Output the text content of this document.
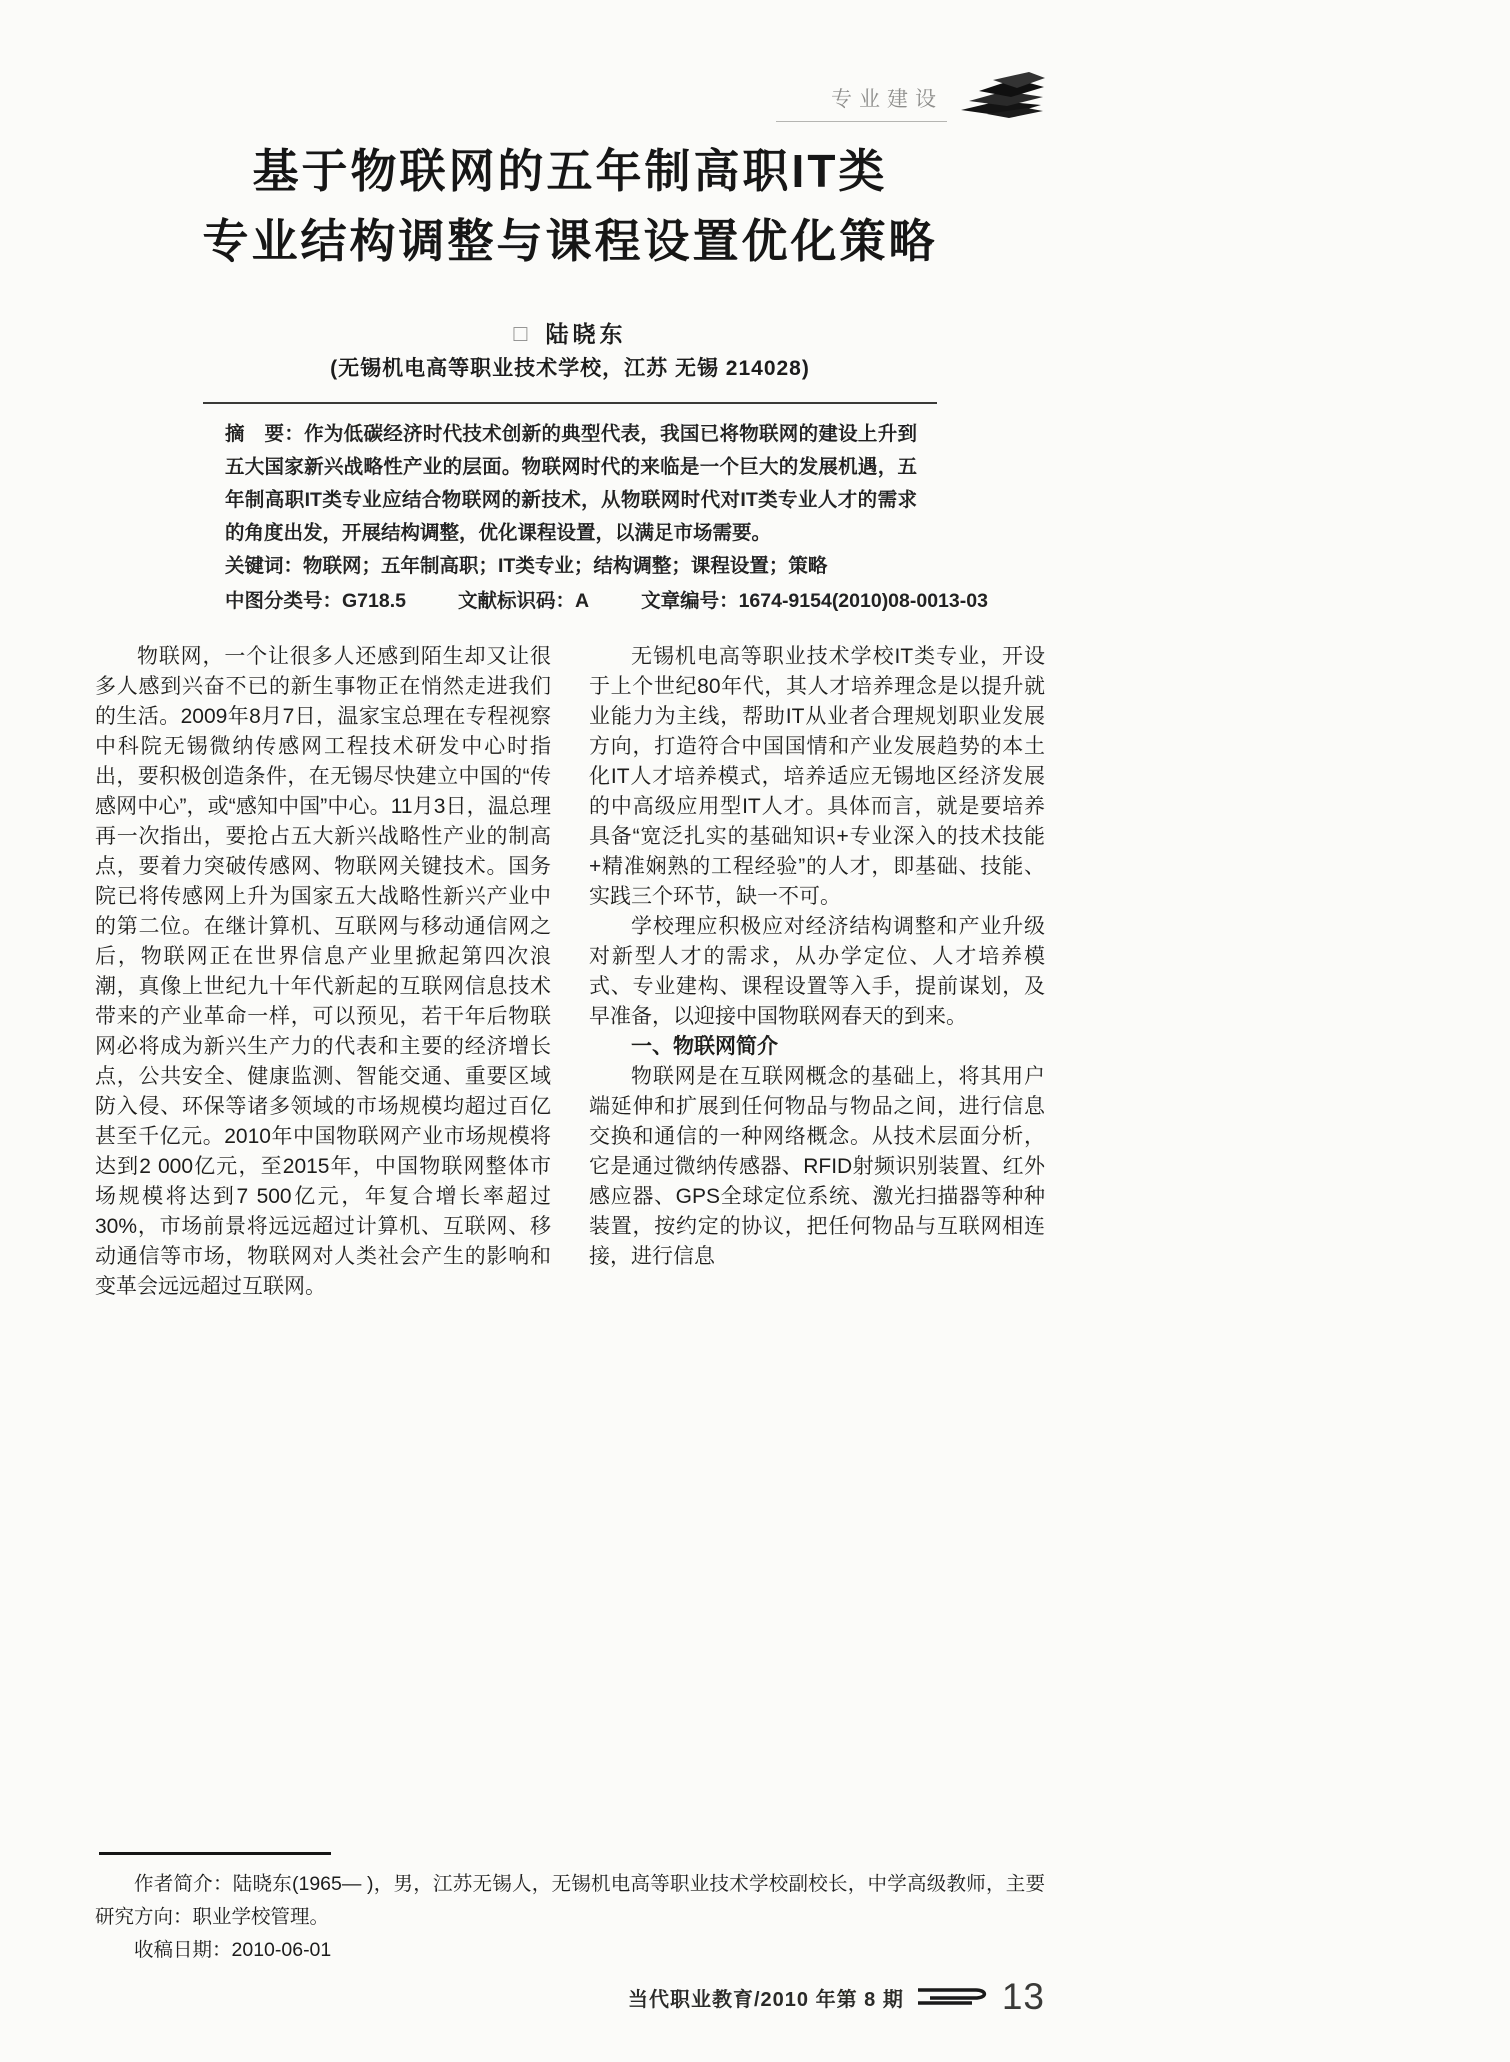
专业建设
基于物联网的五年制高职IT类
专业结构调整与课程设置优化策略
□ 陆晓东
(无锡机电高等职业技术学校，江苏 无锡 214028)

摘　要：作为低碳经济时代技术创新的典型代表，我国已将物联网的建设上升到五大国家新兴战略性产业的层面。物联网时代的来临是一个巨大的发展机遇，五年制高职IT类专业应结合物联网的新技术，从物联网时代对IT类专业人才的需求的角度出发，开展结构调整，优化课程设置，以满足市场需要。

关键词：物联网；五年制高职；IT类专业；结构调整；课程设置；策略

中图分类号：G718.5	文献标识码：A	文章编号：1674-9154(2010)08-0013-03

物联网，一个让很多人还感到陌生却又让很多人感到兴奋不已的新生事物正在悄然走进我们的生活。2009年8月7日，温家宝总理在专程视察中科院无锡微纳传感网工程技术研发中心时指出，要积极创造条件，在无锡尽快建立中国的“传感网中心”，或“感知中国”中心。11月3日，温总理再一次指出，要抢占五大新兴战略性产业的制高点，要着力突破传感网、物联网关键技术。国务院已将传感网上升为国家五大战略性新兴产业中的第二位。在继计算机、互联网与移动通信网之后，物联网正在世界信息产业里掀起第四次浪潮，真像上世纪九十年代新起的互联网信息技术带来的产业革命一样，可以预见，若干年后物联网必将成为新兴生产力的代表和主要的经济增长点，公共安全、健康监测、智能交通、重要区域防入侵、环保等诸多领域的市场规模均超过百亿甚至千亿元。2010年中国物联网产业市场规模将达到2 000亿元，至2015年，中国物联网整体市场规模将达到7 500亿元，年复合增长率超过30%，市场前景将远远超过计算机、互联网、移动通信等市场，物联网对人类社会产生的影响和变革会远远超过互联网。

无锡机电高等职业技术学校IT类专业，开设于上个世纪80年代，其人才培养理念是以提升就业能力为主线，帮助IT从业者合理规划职业发展方向，打造符合中国国情和产业发展趋势的本土化IT人才培养模式，培养适应无锡地区经济发展的中高级应用型IT人才。具体而言，就是要培养具备“宽泛扎实的基础知识+专业深入的技术技能+精准娴熟的工程经验”的人才，即基础、技能、实践三个环节，缺一不可。

学校理应积极应对经济结构调整和产业升级对新型人才的需求，从办学定位、人才培养模式、专业建构、课程设置等入手，提前谋划，及早准备，以迎接中国物联网春天的到来。

一、物联网简介

物联网是在互联网概念的基础上，将其用户端延伸和扩展到任何物品与物品之间，进行信息交换和通信的一种网络概念。从技术层面分析，它是通过微纳传感器、RFID射频识别装置、红外感应器、GPS全球定位系统、激光扫描器等种种装置，按约定的协议，把任何物品与互联网相连接，进行信息

作者简介：陆晓东(1965— )，男，江苏无锡人，无锡机电高等职业技术学校副校长，中学高级教师，主要研究方向：职业学校管理。

收稿日期：2010-06-01

当代职业教育/2010 年第 8 期	13
